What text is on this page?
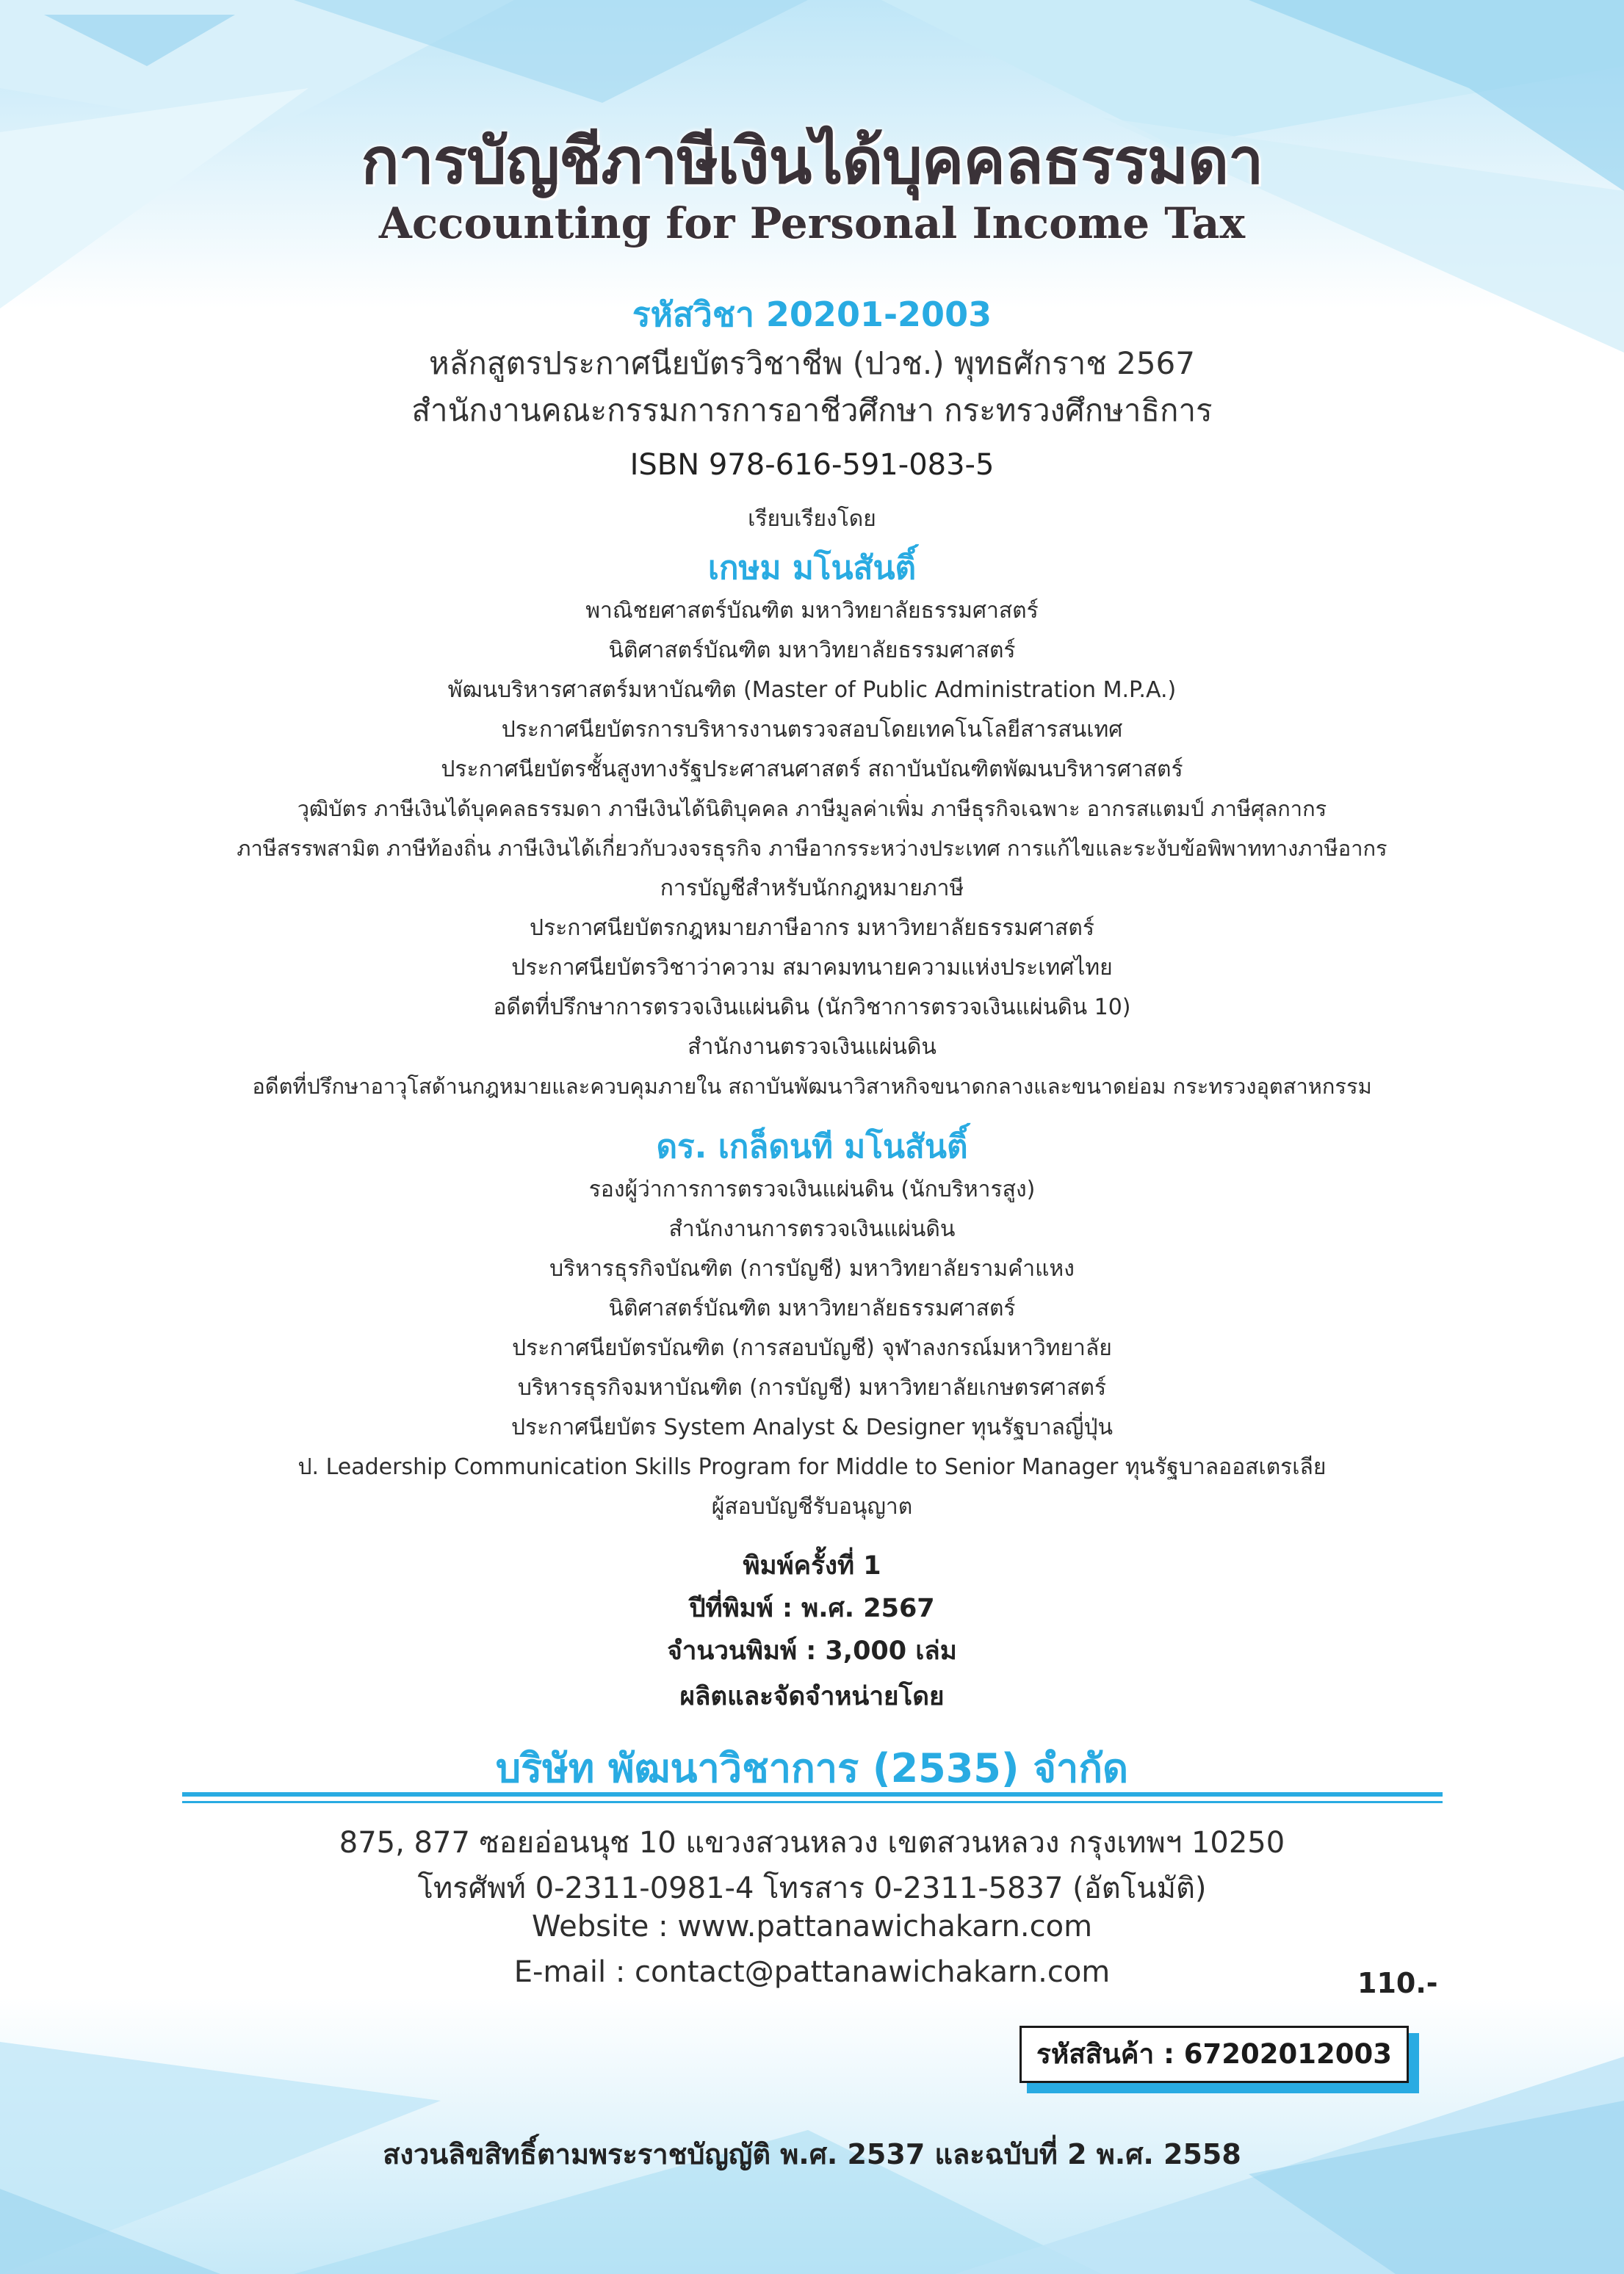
การบัญชีภาษีเงินได้บุคคลธรรมดา
Accounting for Personal Income Tax
รหัสวิชา 20201-2003
หลักสูตรประกาศนียบัตรวิชาชีพ (ปวช.) พุทธศักราช 2567
สำนักงานคณะกรรมการการอาชีวศึกษา กระทรวงศึกษาธิการ
ISBN 978-616-591-083-5
เรียบเรียงโดย
เกษม มโนสันติ์
พาณิชยศาสตร์บัณฑิต มหาวิทยาลัยธรรมศาสตร์
นิติศาสตร์บัณฑิต มหาวิทยาลัยธรรมศาสตร์
พัฒนบริหารศาสตร์มหาบัณฑิต (Master of Public Administration M.P.A.)
ประกาศนียบัตรการบริหารงานตรวจสอบโดยเทคโนโลยีสารสนเทศ
ประกาศนียบัตรชั้นสูงทางรัฐประศาสนศาสตร์ สถาบันบัณฑิตพัฒนบริหารศาสตร์
วุฒิบัตร ภาษีเงินได้บุคคลธรรมดา ภาษีเงินได้นิติบุคคล ภาษีมูลค่าเพิ่ม ภาษีธุรกิจเฉพาะ อากรสแตมป์ ภาษีศุลกากร
ภาษีสรรพสามิต ภาษีท้องถิ่น ภาษีเงินได้เกี่ยวกับวงจรธุรกิจ ภาษีอากรระหว่างประเทศ การแก้ไขและระงับข้อพิพาททางภาษีอากร
การบัญชีสำหรับนักกฎหมายภาษี
ประกาศนียบัตรกฎหมายภาษีอากร มหาวิทยาลัยธรรมศาสตร์
ประกาศนียบัตรวิชาว่าความ สมาคมทนายความแห่งประเทศไทย
อดีตที่ปรึกษาการตรวจเงินแผ่นดิน (นักวิชาการตรวจเงินแผ่นดิน 10)
สำนักงานตรวจเงินแผ่นดิน
อดีตที่ปรึกษาอาวุโสด้านกฎหมายและควบคุมภายใน สถาบันพัฒนาวิสาหกิจขนาดกลางและขนาดย่อม กระทรวงอุตสาหกรรม
ดร. เกล็ดนที มโนสันติ์
รองผู้ว่าการการตรวจเงินแผ่นดิน (นักบริหารสูง)
สำนักงานการตรวจเงินแผ่นดิน
บริหารธุรกิจบัณฑิต (การบัญชี) มหาวิทยาลัยรามคำแหง
นิติศาสตร์บัณฑิต มหาวิทยาลัยธรรมศาสตร์
ประกาศนียบัตรบัณฑิต (การสอบบัญชี) จุฬาลงกรณ์มหาวิทยาลัย
บริหารธุรกิจมหาบัณฑิต (การบัญชี) มหาวิทยาลัยเกษตรศาสตร์
ประกาศนียบัตร System Analyst & Designer ทุนรัฐบาลญี่ปุ่น
ป. Leadership Communication Skills Program for Middle to Senior Manager ทุนรัฐบาลออสเตรเลีย
ผู้สอบบัญชีรับอนุญาต
พิมพ์ครั้งที่ 1
ปีที่พิมพ์ : พ.ศ. 2567
จำนวนพิมพ์ : 3,000 เล่ม
ผลิตและจัดจำหน่ายโดย
บริษัท พัฒนาวิชาการ (2535) จำกัด
875, 877 ซอยอ่อนนุช 10 แขวงสวนหลวง เขตสวนหลวง กรุงเทพฯ 10250
โทรศัพท์ 0-2311-0981-4 โทรสาร 0-2311-5837 (อัตโนมัติ)
Website : www.pattanawichakarn.com
E-mail : contact@pattanawichakarn.com	110.-
รหัสสินค้า : 67202012003
สงวนลิขสิทธิ์ตามพระราชบัญญัติ พ.ศ. 2537 และฉบับที่ 2 พ.ศ. 2558
